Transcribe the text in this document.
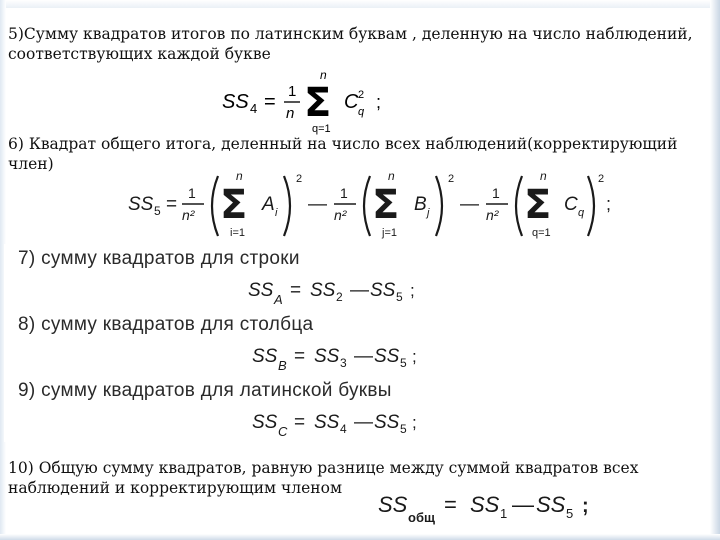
5)Сумму квадратов итогов по латинским буквам , деленную на число наблюдений, соответствующих каждой букве
SS 4 = 1
n
n
Σ
q=1
C 2
q ;
6) Квадрат общего итога, деленный на число всех наблюдений(корректирующий член)
SS 5 =
1
n²
n
Σ
i=1
A i
2
—
1
n²
n
Σ
j=1
B j
2
—
1
n²
n
Σ
q=1
C q
2
;
7) сумму квадратов для строки
SS A = SS 2 — SS 5 ;
8) сумму квадратов для столбца
SS B = SS 3 — SS 5 ;
9) сумму квадратов для латинской буквы
SS C = SS 4 — SS 5 ;
10) Общую сумму квадратов, равную разнице между суммой квадратов всех наблюдений и корректирующим членом
SS
общ
= SS 1 — SS 5 ;
